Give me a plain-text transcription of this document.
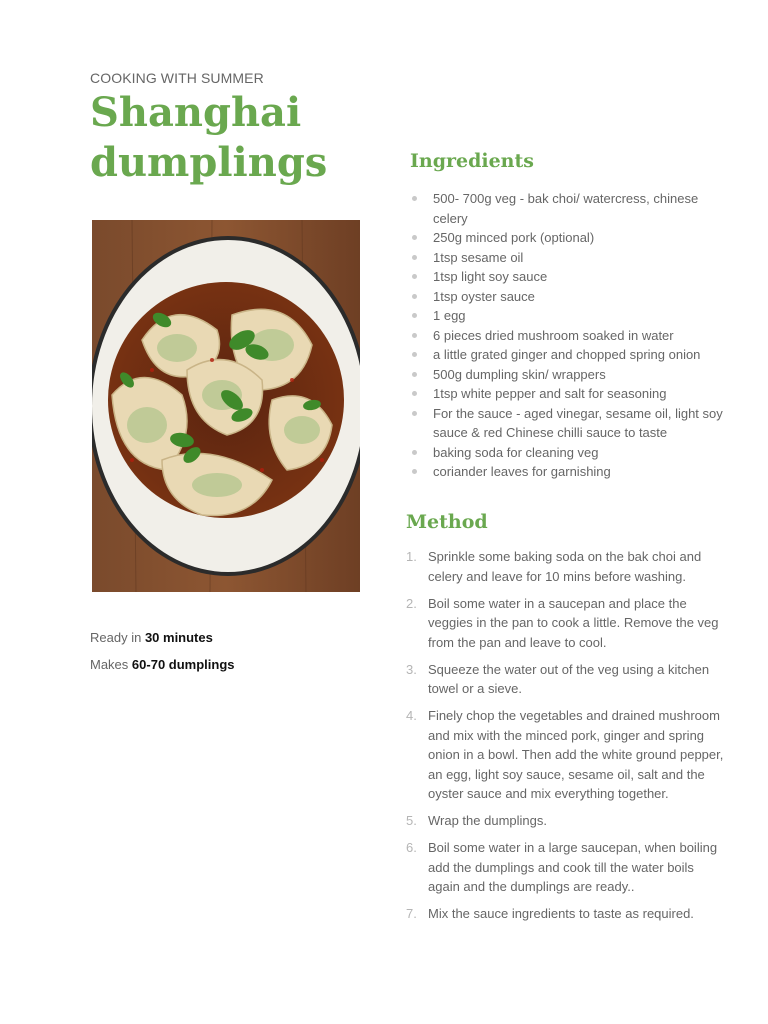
COOKING WITH SUMMER
Shanghai dumplings

Ready in 30 minutes

Makes 60-70 dumplings

Ingredients
500- 700g veg - bak choi/ watercress, chinese celery
250g minced pork (optional)
1tsp sesame oil
1tsp light soy sauce
1tsp oyster sauce
1 egg
6 pieces dried mushroom soaked in water
a little grated ginger and chopped spring onion
500g dumpling skin/ wrappers
1tsp white pepper and salt for seasoning
For the sauce - aged vinegar, sesame oil, light soy sauce & red Chinese chilli sauce to taste
baking soda for cleaning veg
coriander leaves for garnishing
Method
1. Sprinkle some baking soda on the bak choi and celery and leave for 10 mins before washing.
2. Boil some water in a saucepan and place the veggies in the pan to cook a little. Remove the veg from the pan and leave to cool.
3. Squeeze the water out of the veg using a kitchen towel or a sieve.
4. Finely chop the vegetables and drained mushroom and mix with the minced pork, ginger and spring onion in a bowl. Then add the white ground pepper, an egg, light soy sauce, sesame oil, salt and the oyster sauce and mix everything together.
5. Wrap the dumplings.
6. Boil some water in a large saucepan, when boiling add the dumplings and cook till the water boils again and the dumplings are ready..
7. Mix the sauce ingredients to taste as required.
